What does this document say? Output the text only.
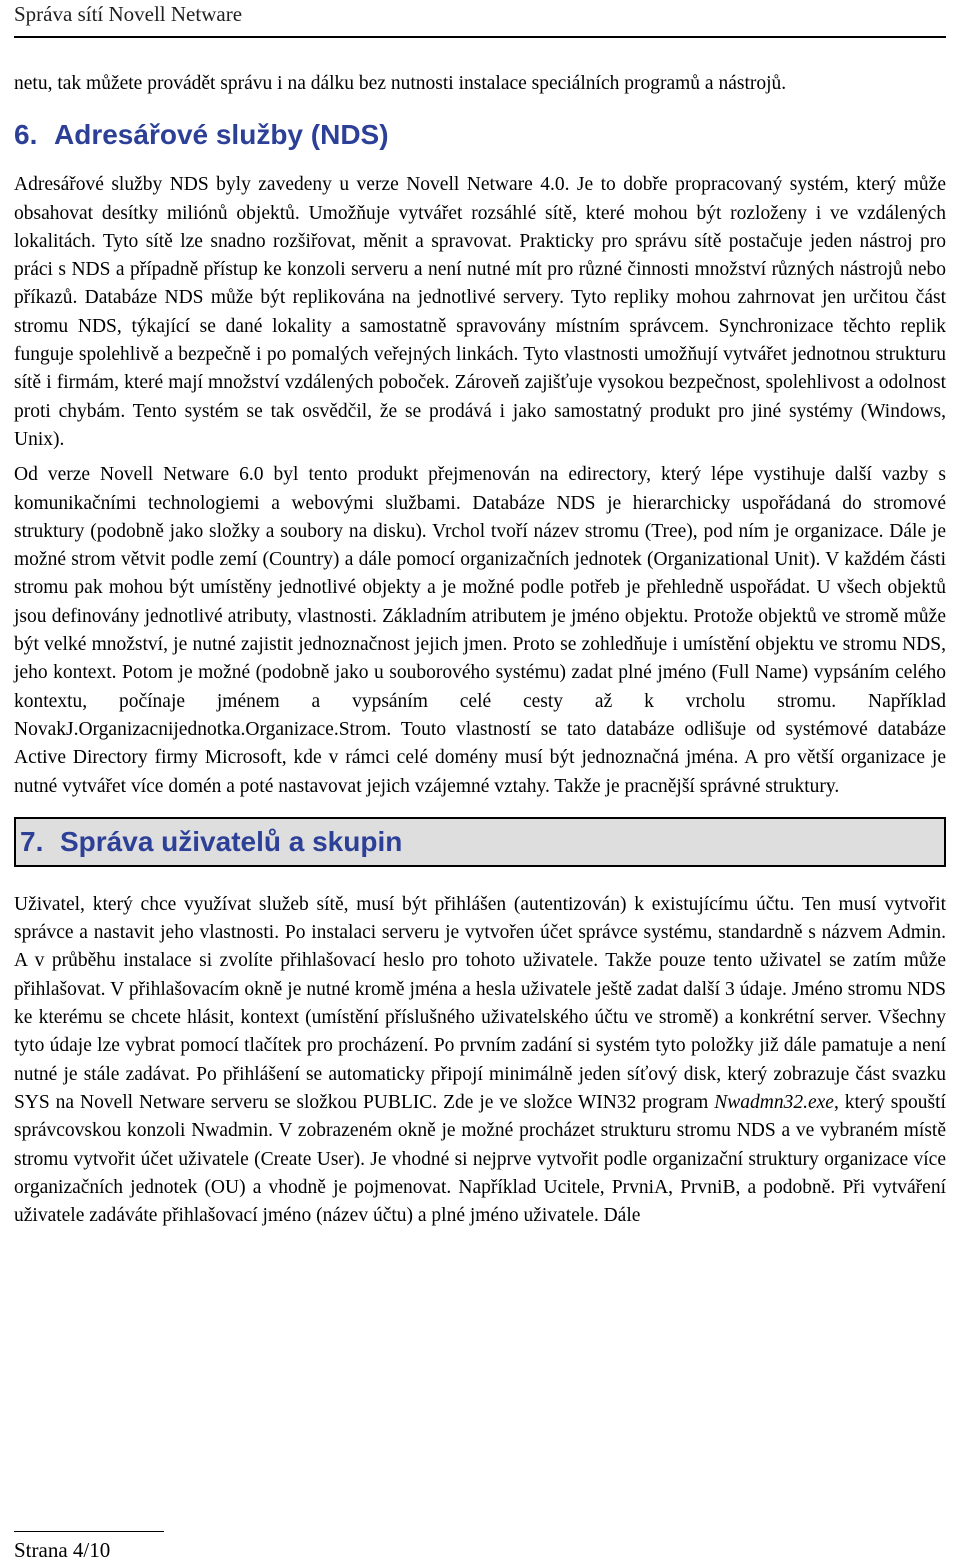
Správa sítí Novell Netware

netu, tak můžete provádět správu i na dálku bez nutnosti instalace speciálních programů a nástrojů.

6. Adresářové služby (NDS)

Adresářové služby NDS byly zavedeny u verze Novell Netware 4.0. Je to dobře propracovaný systém, který může obsahovat desítky miliónů objektů. Umožňuje vytvářet rozsáhlé sítě, které mohou být rozloženy i ve vzdálených lokalitách. Tyto sítě lze snadno rozšiřovat, měnit a spravovat. Prakticky pro správu sítě postačuje jeden nástroj pro práci s NDS a případně přístup ke konzoli serveru a není nutné mít pro různé činnosti množství různých nástrojů nebo příkazů. Databáze NDS může být replikována na jednotlivé servery. Tyto repliky mohou zahrnovat jen určitou část stromu NDS, týkající se dané lokality a samostatně spravovány místním správcem. Synchronizace těchto replik funguje spolehlivě a bezpečně i po pomalých veřejných linkách. Tyto vlastnosti umožňují vytvářet jednotnou strukturu sítě i firmám, které mají množství vzdálených poboček. Zároveň zajišťuje vysokou bezpečnost, spolehlivost a odolnost proti chybám. Tento systém se tak osvědčil, že se prodává i jako samostatný produkt pro jiné systémy (Windows, Unix).

Od verze Novell Netware 6.0 byl tento produkt přejmenován na edirectory, který lépe vystihuje další vazby s komunikačními technologiemi a webovými službami. Databáze NDS je hierarchicky uspořádaná do stromové struktury (podobně jako složky a soubory na disku). Vrchol tvoří název stromu (Tree), pod ním je organizace. Dále je možné strom větvit podle zemí (Country) a dále pomocí organizačních jednotek (Organizational Unit). V každém části stromu pak mohou být umístěny jednotlivé objekty a je možné podle potřeb je přehledně uspořádat. U všech objektů jsou definovány jednotlivé atributy, vlastnosti. Základním atributem je jméno objektu. Protože objektů ve stromě může být velké množství, je nutné zajistit jednoznačnost jejich jmen. Proto se zohledňuje i umístění objektu ve stromu NDS, jeho kontext. Potom je možné (podobně jako u souborového systému) zadat plné jméno (Full Name) vypsáním celého kontextu, počínaje jménem a vypsáním celé cesty až k vrcholu stromu. Například NovakJ.Organizacnijednotka.Organizace.Strom. Touto vlastností se tato databáze odlišuje od systémové databáze Active Directory firmy Microsoft, kde v rámci celé domény musí být jednoznačná jména. A pro větší organizace je nutné vytvářet více domén a poté nastavovat jejich vzájemné vztahy. Takže je pracnější správné struktury.

7. Správa uživatelů a skupin

Uživatel, který chce využívat služeb sítě, musí být přihlášen (autentizován) k existujícímu účtu. Ten musí vytvořit správce a nastavit jeho vlastnosti. Po instalaci serveru je vytvořen účet správce systému, standardně s názvem Admin. A v průběhu instalace si zvolíte přihlašovací heslo pro tohoto uživatele. Takže pouze tento uživatel se zatím může přihlašovat. V přihlašovacím okně je nutné kromě jména a hesla uživatele ještě zadat další 3 údaje. Jméno stromu NDS ke kterému se chcete hlásit, kontext (umístění příslušného uživatelského účtu ve stromě) a konkrétní server. Všechny tyto údaje lze vybrat pomocí tlačítek pro procházení. Po prvním zadání si systém tyto položky již dále pamatuje a není nutné je stále zadávat. Po přihlášení se automaticky připojí minimálně jeden síťový disk, který zobrazuje část svazku SYS na Novell Netware serveru se složkou PUBLIC. Zde je ve složce WIN32 program Nwadmn32.exe, který spouští správcovskou konzoli Nwadmin. V zobrazeném okně je možné procházet strukturu stromu NDS a ve vybraném místě stromu vytvořit účet uživatele (Create User). Je vhodné si nejprve vytvořit podle organizační struktury organizace více organizačních jednotek (OU) a vhodně je pojmenovat. Například Ucitele, PrvniA, PrvniB, a podobně. Při vytváření uživatele zadáváte přihlašovací jméno (název účtu) a plné jméno uživatele. Dále

Strana 4/10
